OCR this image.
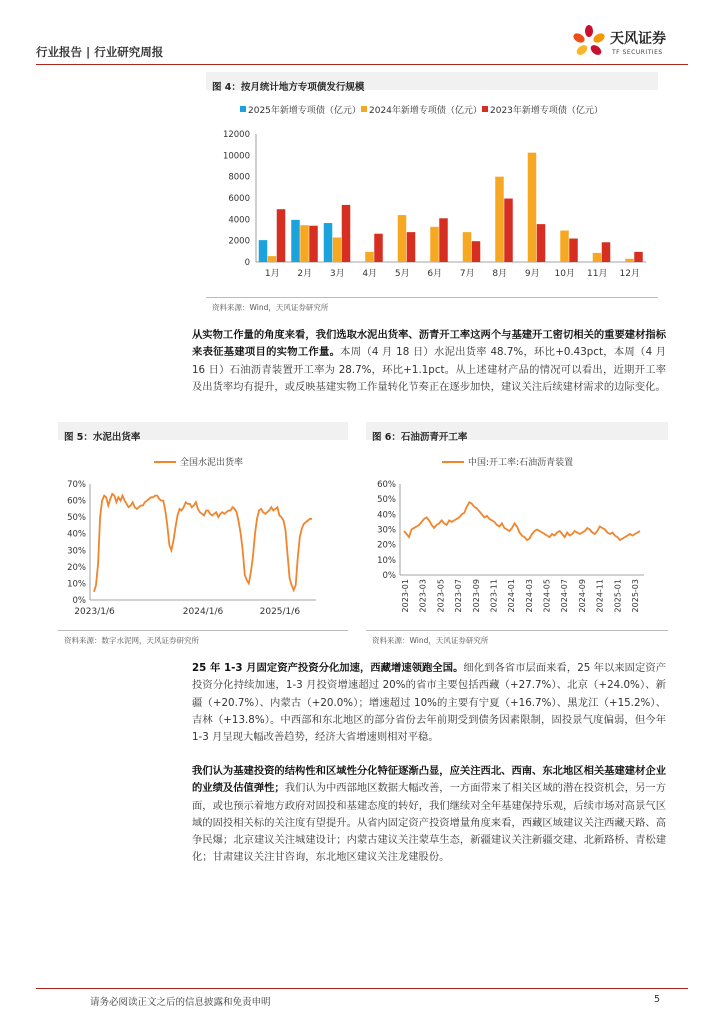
行业报告 | 行业研究周报
天风证券
TF SECURITIES
图 4：按月统计地方专项债发行规模
2025年新增专项债（亿元） 2024年新增专项债（亿元） 2023年新增专项债（亿元）
0
2000
4000
6000
8000
10000
12000
1月 2月 3月 4月 5月 6月 7月 8月 9月 10月 11月 12月
资料来源：Wind，天风证券研究所
从实物工作量的角度来看，我们选取水泥出货率、沥青开工率这两个与基建开工密切相关的重要建材指标来表征基建项目的实物工作量。本周（4 月 18 日）水泥出货率 48.7%，环比+0.43pct，本周（4 月 16 日）石油沥青装置开工率为 28.7%，环比+1.1pct。从上述建材产品的情况可以看出，近期开工率及出货率均有提升，或反映基建实物工作量转化节奏正在逐步加快，建议关注后续建材需求的边际变化。
图 5：水泥出货率
全国水泥出货率
0%
10%
20%
30%
40%
50%
60%
70%
2023/1/6	2024/1/6	2025/1/6
资料来源：数字水泥网，天风证券研究所
图 6：石油沥青开工率
中国:开工率:石油沥青装置
0%
10%
20%
30%
40%
50%
60%
2023-01 2023-03 2023-05 2023-07 2023-09 2023-11 2024-01 2024-03 2024-05 2024-07 2024-09 2024-11 2025-01 2025-03
资料来源：Wind，天风证券研究所
25 年 1-3 月固定资产投资分化加速，西藏增速领跑全国。细化到各省市层面来看，25 年以来固定资产投资分化持续加速，1-3 月投资增速超过 20%的省市主要包括西藏（+27.7%）、北京（+24.0%）、新疆（+20.7%）、内蒙古（+20.0%）；增速超过 10%的主要有宁夏（+16.7%）、黑龙江（+15.2%）、吉林（+13.8%）。中西部和东北地区的部分省份去年前期受到债务因素限制，固投景气度偏弱，但今年 1-3 月呈现大幅改善趋势，经济大省增速则相对平稳。
我们认为基建投资的结构性和区域性分化特征逐渐凸显，应关注西北、西南、东北地区相关基建建材企业的业绩及估值弹性；我们认为中西部地区数据大幅改善，一方面带来了相关区域的潜在投资机会，另一方面，或也预示着地方政府对固投和基建态度的转好，我们继续对全年基建保持乐观，后续市场对高景气区域的固投相关标的关注度有望提升。从省内固定资产投资增量角度来看，西藏区域建议关注西藏天路、高争民爆；北京建议关注城建设计；内蒙古建议关注蒙草生态，新疆建议关注新疆交建、北新路桥、青松建化；甘肃建议关注甘咨询，东北地区建议关注龙建股份。
请务必阅读正文之后的信息披露和免责申明	5
